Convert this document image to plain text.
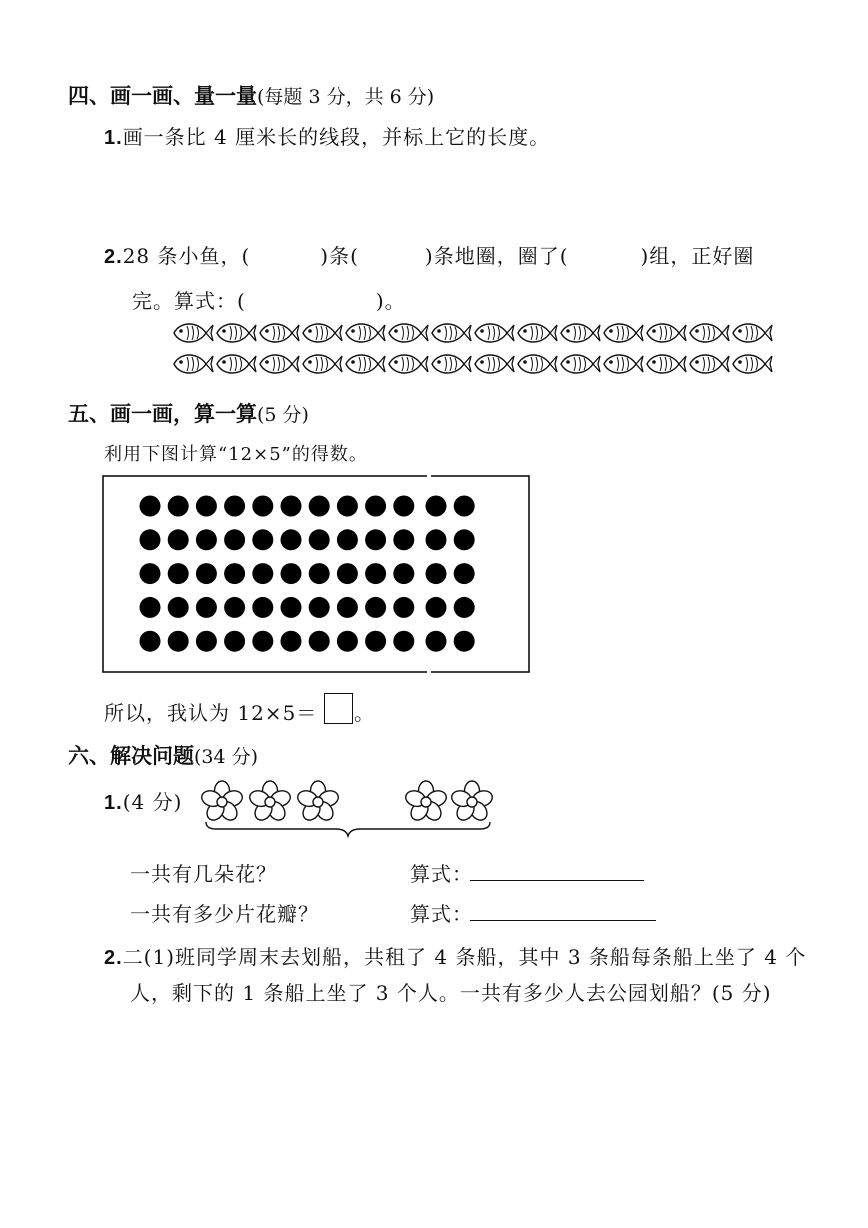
四、画一画、量一量(每题 3 分，共 6 分)
1.画一条比 4 厘米长的线段，并标上它的长度。
2.28 条小鱼，(	)条(	)条地圈，圈了(	)组，正好圈
完。算式：(	)。
五、画一画，算一算(5 分)
利用下图计算“12×5”的得数。
所以，我认为 12×5＝ 。
六、解决问题(34 分)
1.(4 分)
一共有几朵花？	算式：
一共有多少片花瓣？	算式：
2.二(1)班同学周末去划船，共租了 4 条船，其中 3 条船每条船上坐了 4 个
人，剩下的 1 条船上坐了 3 个人。一共有多少人去公园划船？(5 分)
